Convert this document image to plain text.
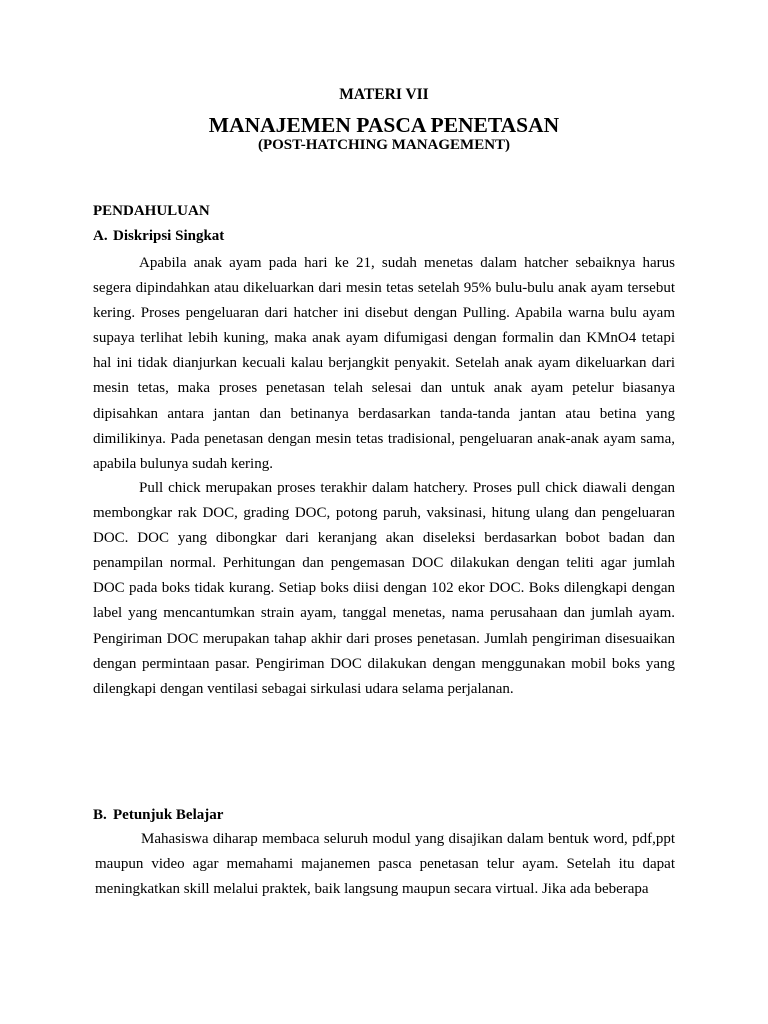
MATERI VII
MANAJEMEN PASCA PENETASAN
(POST-HATCHING MANAGEMENT)
PENDAHULUAN
A. Diskripsi Singkat

Apabila anak ayam pada hari ke 21, sudah menetas dalam hatcher sebaiknya harus segera dipindahkan atau dikeluarkan dari mesin tetas setelah 95% bulu-bulu anak ayam tersebut kering. Proses pengeluaran dari hatcher ini disebut dengan Pulling. Apabila warna bulu ayam supaya terlihat lebih kuning, maka anak ayam difumigasi dengan formalin dan KMnO4 tetapi hal ini tidak dianjurkan kecuali kalau berjangkit penyakit. Setelah anak ayam dikeluarkan dari mesin tetas, maka proses penetasan telah selesai dan untuk anak ayam petelur biasanya dipisahkan antara jantan dan betinanya berdasarkan tanda-tanda jantan atau betina yang dimilikinya. Pada penetasan dengan mesin tetas tradisional, pengeluaran anak-anak ayam sama, apabila bulunya sudah kering.

Pull chick merupakan proses terakhir dalam hatchery. Proses pull chick diawali dengan membongkar rak DOC, grading DOC, potong paruh, vaksinasi, hitung ulang dan pengeluaran DOC. DOC yang dibongkar dari keranjang akan diseleksi berdasarkan bobot badan dan penampilan normal. Perhitungan dan pengemasan DOC dilakukan dengan teliti agar jumlah DOC pada boks tidak kurang. Setiap boks diisi dengan 102 ekor DOC. Boks dilengkapi dengan label yang mencantumkan strain ayam, tanggal menetas, nama perusahaan dan jumlah ayam. Pengiriman DOC merupakan tahap akhir dari proses penetasan. Jumlah pengiriman disesuaikan dengan permintaan pasar. Pengiriman DOC dilakukan dengan menggunakan mobil boks yang dilengkapi dengan ventilasi sebagai sirkulasi udara selama perjalanan.

B. Petunjuk Belajar

Mahasiswa diharap membaca seluruh modul yang disajikan dalam bentuk word, pdf,ppt maupun video agar memahami majanemen pasca penetasan telur ayam. Setelah itu dapat meningkatkan skill melalui praktek, baik langsung maupun secara virtual. Jika ada beberapa
